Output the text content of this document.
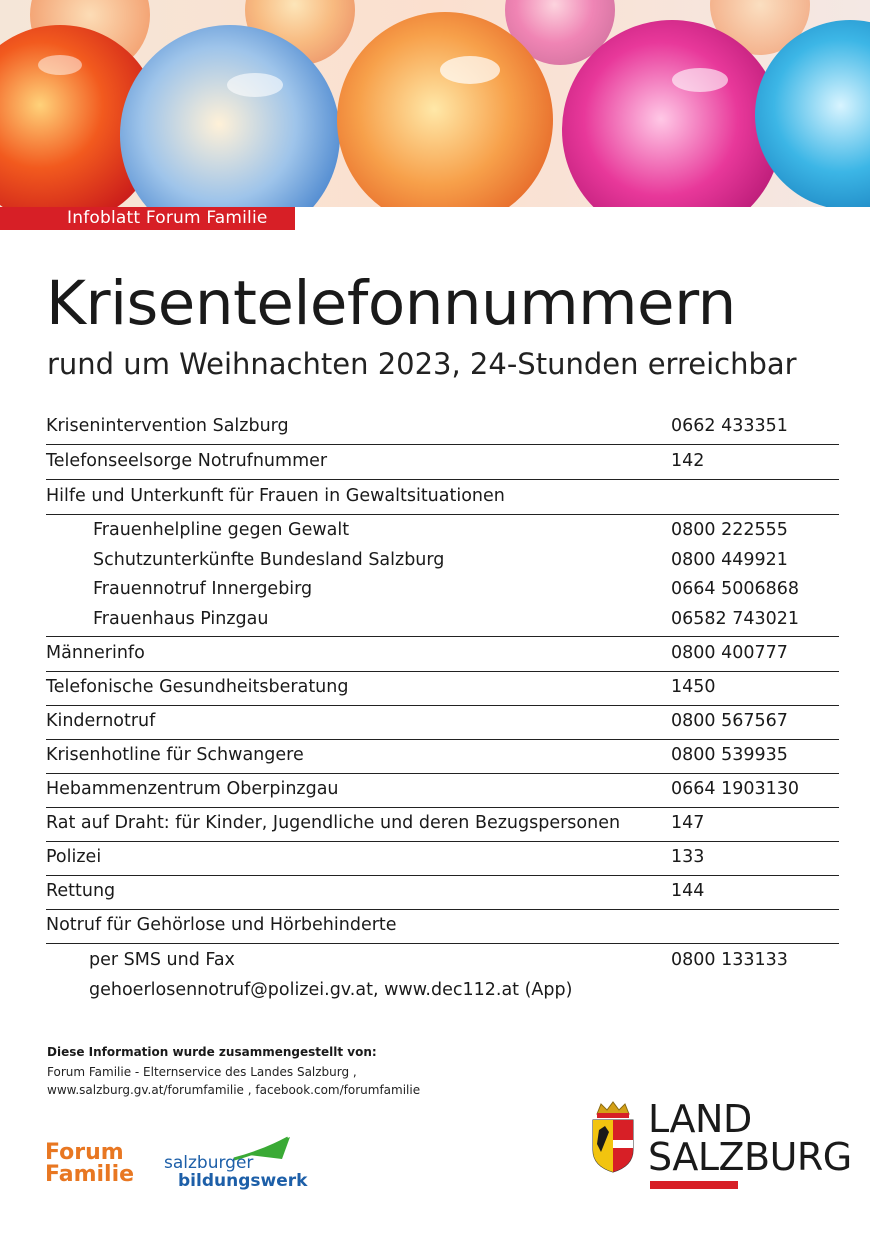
Infoblatt Forum Familie
Krisentelefonnummern
rund um Weihnachten 2023, 24-Stunden erreichbar
Krisenintervention Salzburg	0662 433351
Telefonseelsorge Notrufnummer	142
Hilfe und Unterkunft für Frauen in Gewaltsituationen
Frauenhelpline gegen Gewalt	0800 222555
Schutzunterkünfte Bundesland Salzburg	0800 449921
Frauennotruf Innergebirg	0664 5006868
Frauenhaus Pinzgau	06582 743021
Männerinfo	0800 400777
Telefonische Gesundheitsberatung	1450
Kindernotruf	0800 567567
Krisenhotline für Schwangere	0800 539935
Hebammenzentrum Oberpinzgau	0664 1903130
Rat auf Draht: für Kinder, Jugendliche und deren Bezugspersonen	147
Polizei	133
Rettung	144
Notruf für Gehörlose und Hörbehinderte
per SMS und Fax	0800 133133
gehoerlosennotruf@polizei.gv.at, www.dec112.at (App)
Diese Information wurde zusammengestellt von:
Forum Familie - Elternservice des Landes Salzburg ,
www.salzburg.gv.at/forumfamilie , facebook.com/forumfamilie
Forum
Familie salzburger
bildungswerk
LAND
SALZBURG
